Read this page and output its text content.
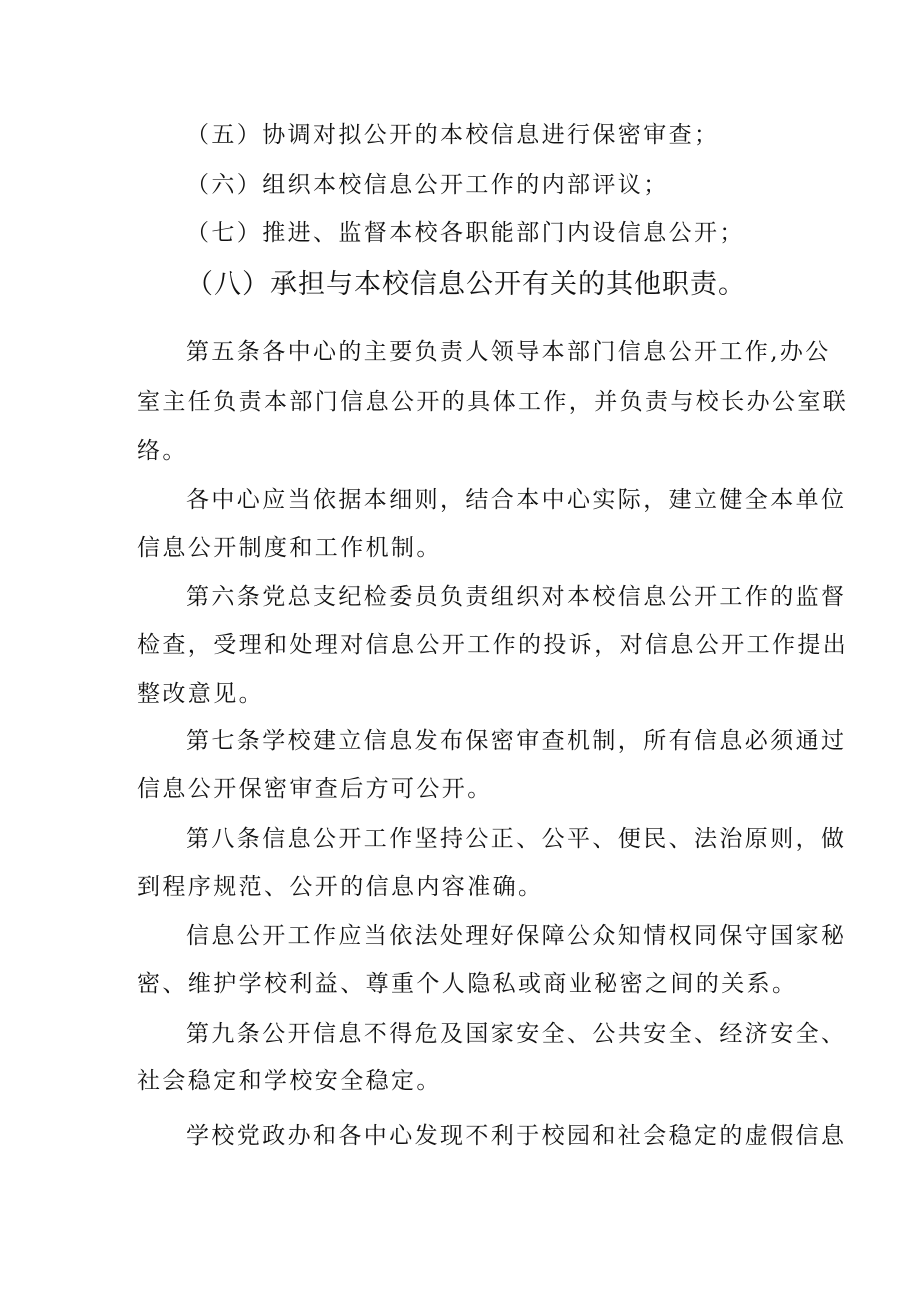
（五）协调对拟公开的本校信息进行保密审查；
（六）组织本校信息公开工作的内部评议；
（七）推进、监督本校各职能部门内设信息公开；
（八）承担与本校信息公开有关的其他职责。
第五条各中心的主要负责人领导本部门信息公开工作,办公
室主任负责本部门信息公开的具体工作，并负责与校长办公室联
络。
各中心应当依据本细则，结合本中心实际，建立健全本单位
信息公开制度和工作机制。
第六条党总支纪检委员负责组织对本校信息公开工作的监督
检查，受理和处理对信息公开工作的投诉，对信息公开工作提出
整改意见。
第七条学校建立信息发布保密审查机制，所有信息必须通过
信息公开保密审查后方可公开。
第八条信息公开工作坚持公正、公平、便民、法治原则，做
到程序规范、公开的信息内容准确。
信息公开工作应当依法处理好保障公众知情权同保守国家秘
密、维护学校利益、尊重个人隐私或商业秘密之间的关系。
第九条公开信息不得危及国家安全、公共安全、经济安全、
社会稳定和学校安全稳定。
学校党政办和各中心发现不利于校园和社会稳定的虚假信息
